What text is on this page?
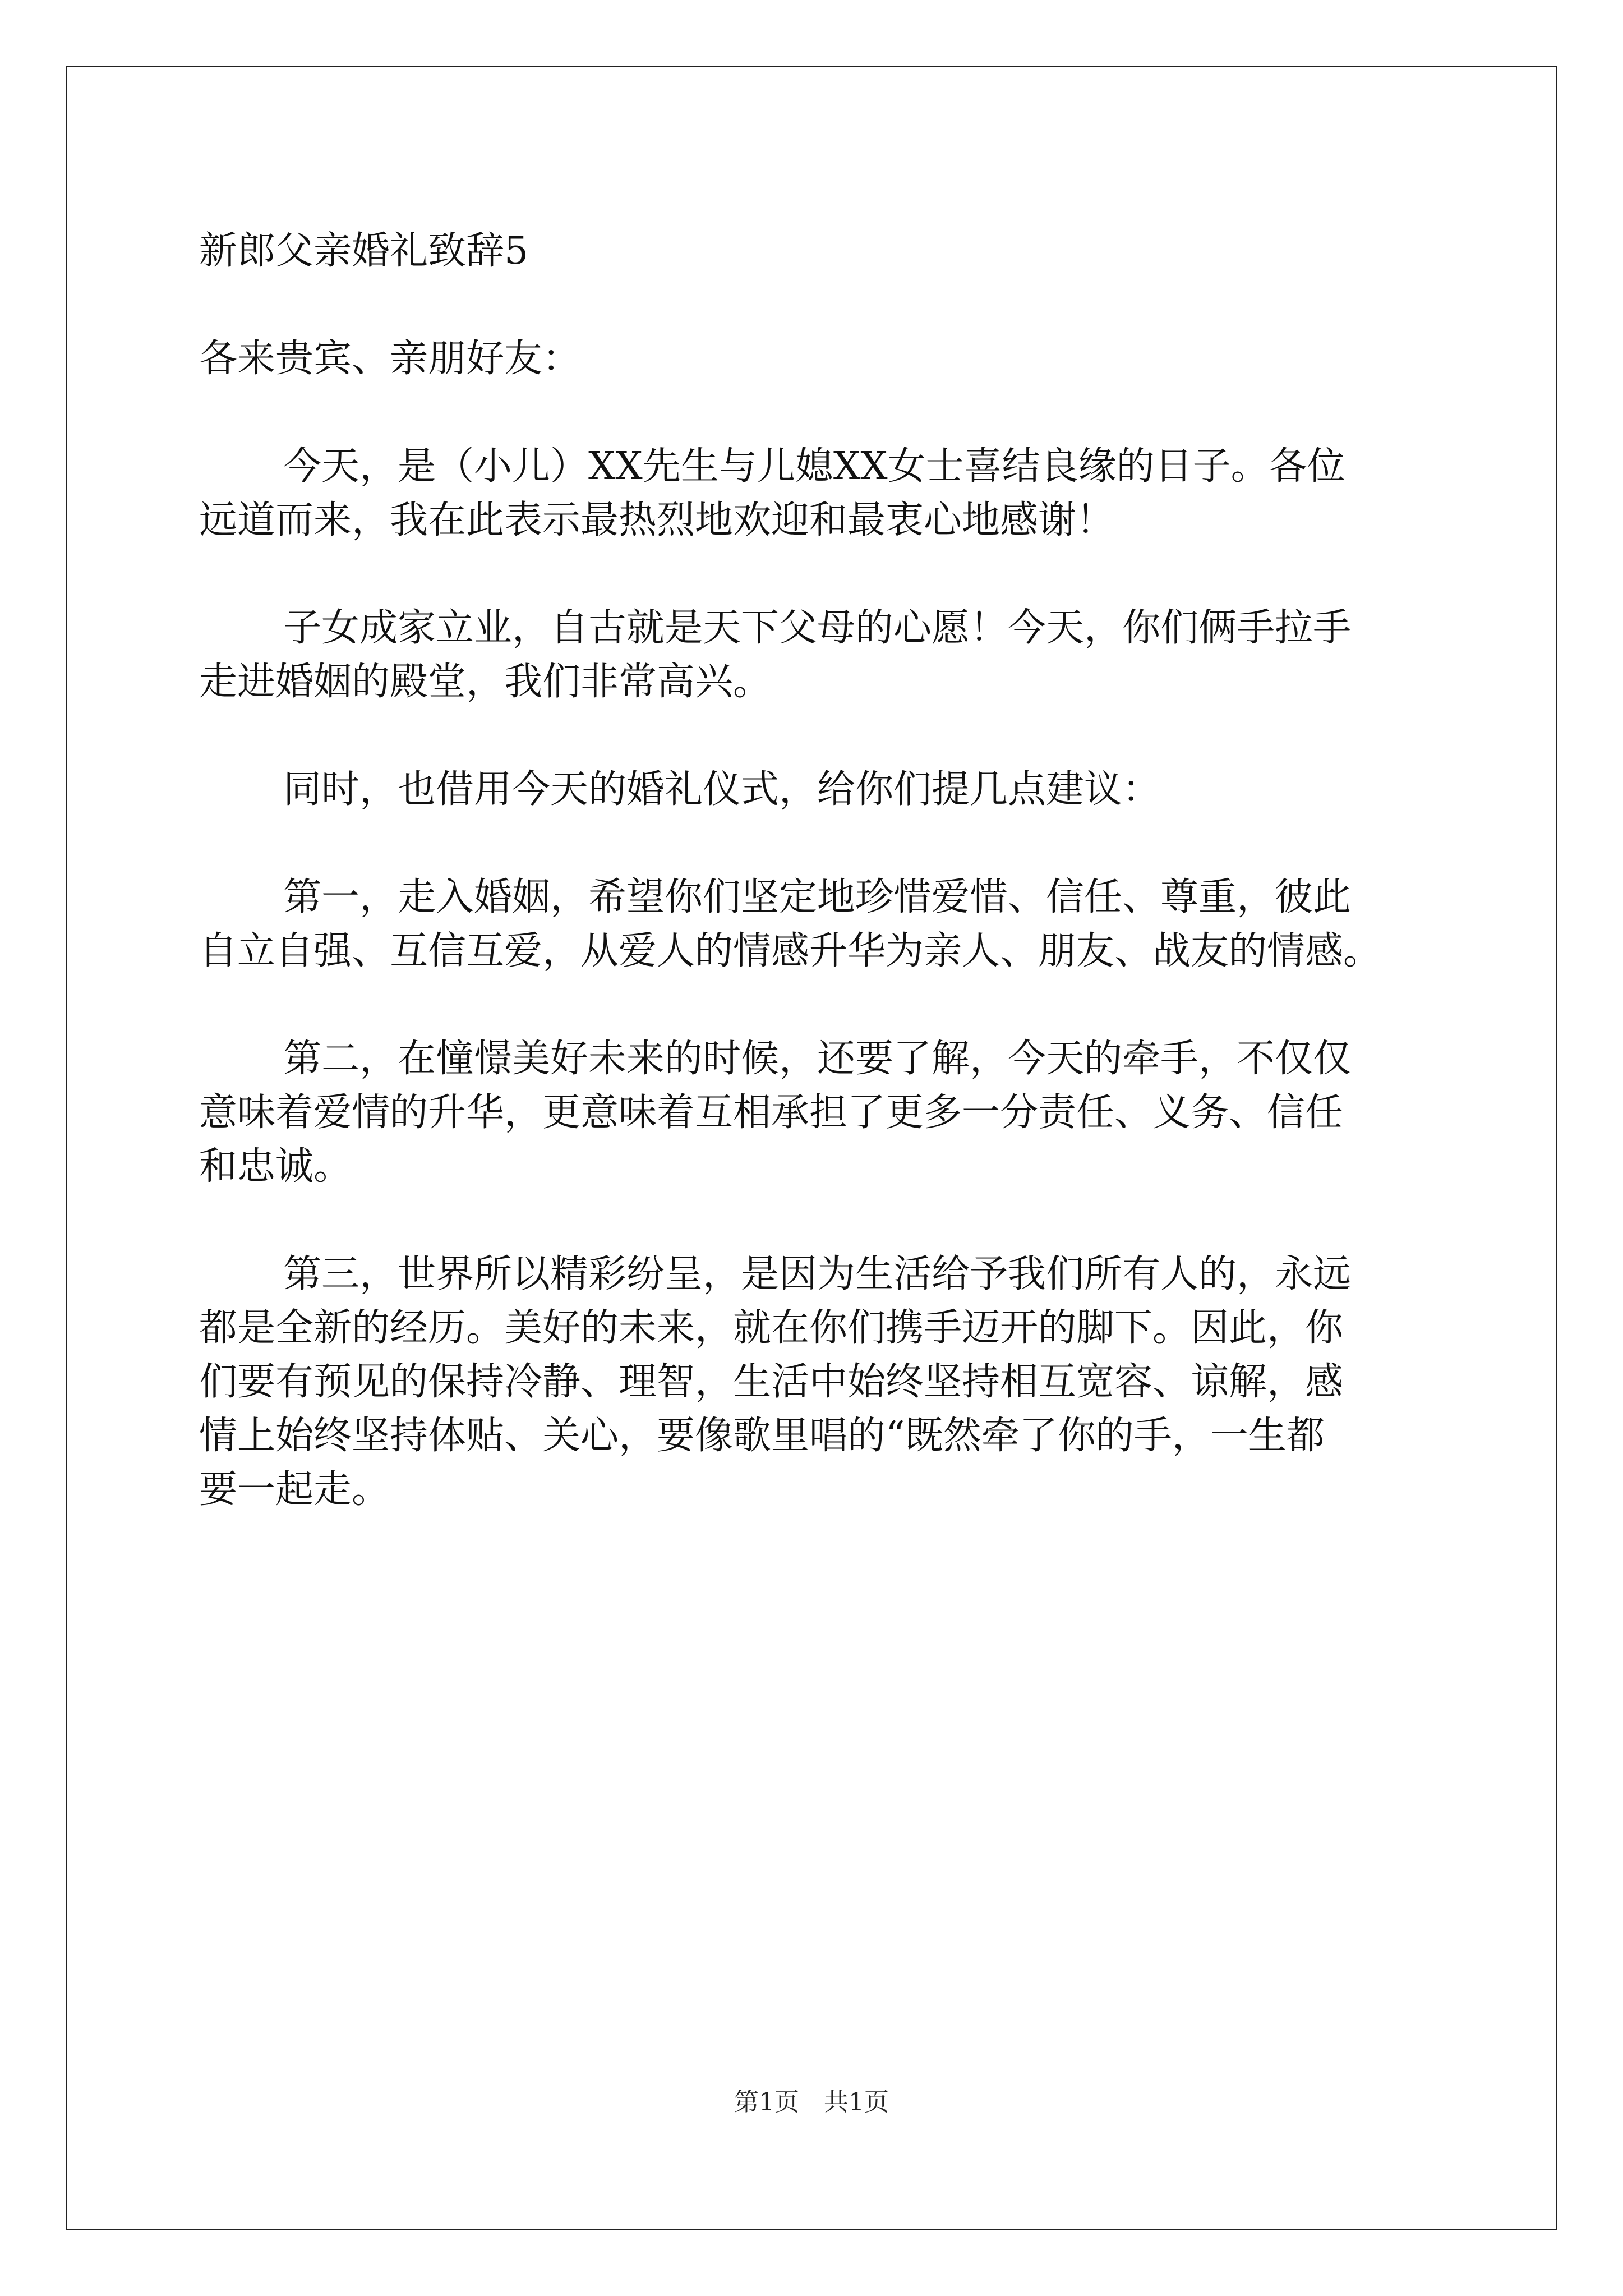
新郎父亲婚礼致辞5

各来贵宾、亲朋好友：

今天，是（小儿）XX先生与儿媳XX女士喜结良缘的日子。各位

远道而来，我在此表示最热烈地欢迎和最衷心地感谢！

子女成家立业，自古就是天下父母的心愿！今天，你们俩手拉手

走进婚姻的殿堂，我们非常高兴。

同时，也借用今天的婚礼仪式，给你们提几点建议：

第一，走入婚姻，希望你们坚定地珍惜爱惜、信任、尊重，彼此

自立自强、互信互爱，从爱人的情感升华为亲人、朋友、战友的情感。

第二，在憧憬美好未来的时候，还要了解，今天的牵手，不仅仅

意味着爱情的升华，更意味着互相承担了更多一分责任、义务、信任

和忠诚。

第三，世界所以精彩纷呈，是因为生活给予我们所有人的，永远

都是全新的经历。美好的未来，就在你们携手迈开的脚下。因此，你

们要有预见的保持冷静、理智，生活中始终坚持相互宽容、谅解，感

情上始终坚持体贴、关心，要像歌里唱的“既然牵了你的手，一生都

要一起走。

第1页　共1页
